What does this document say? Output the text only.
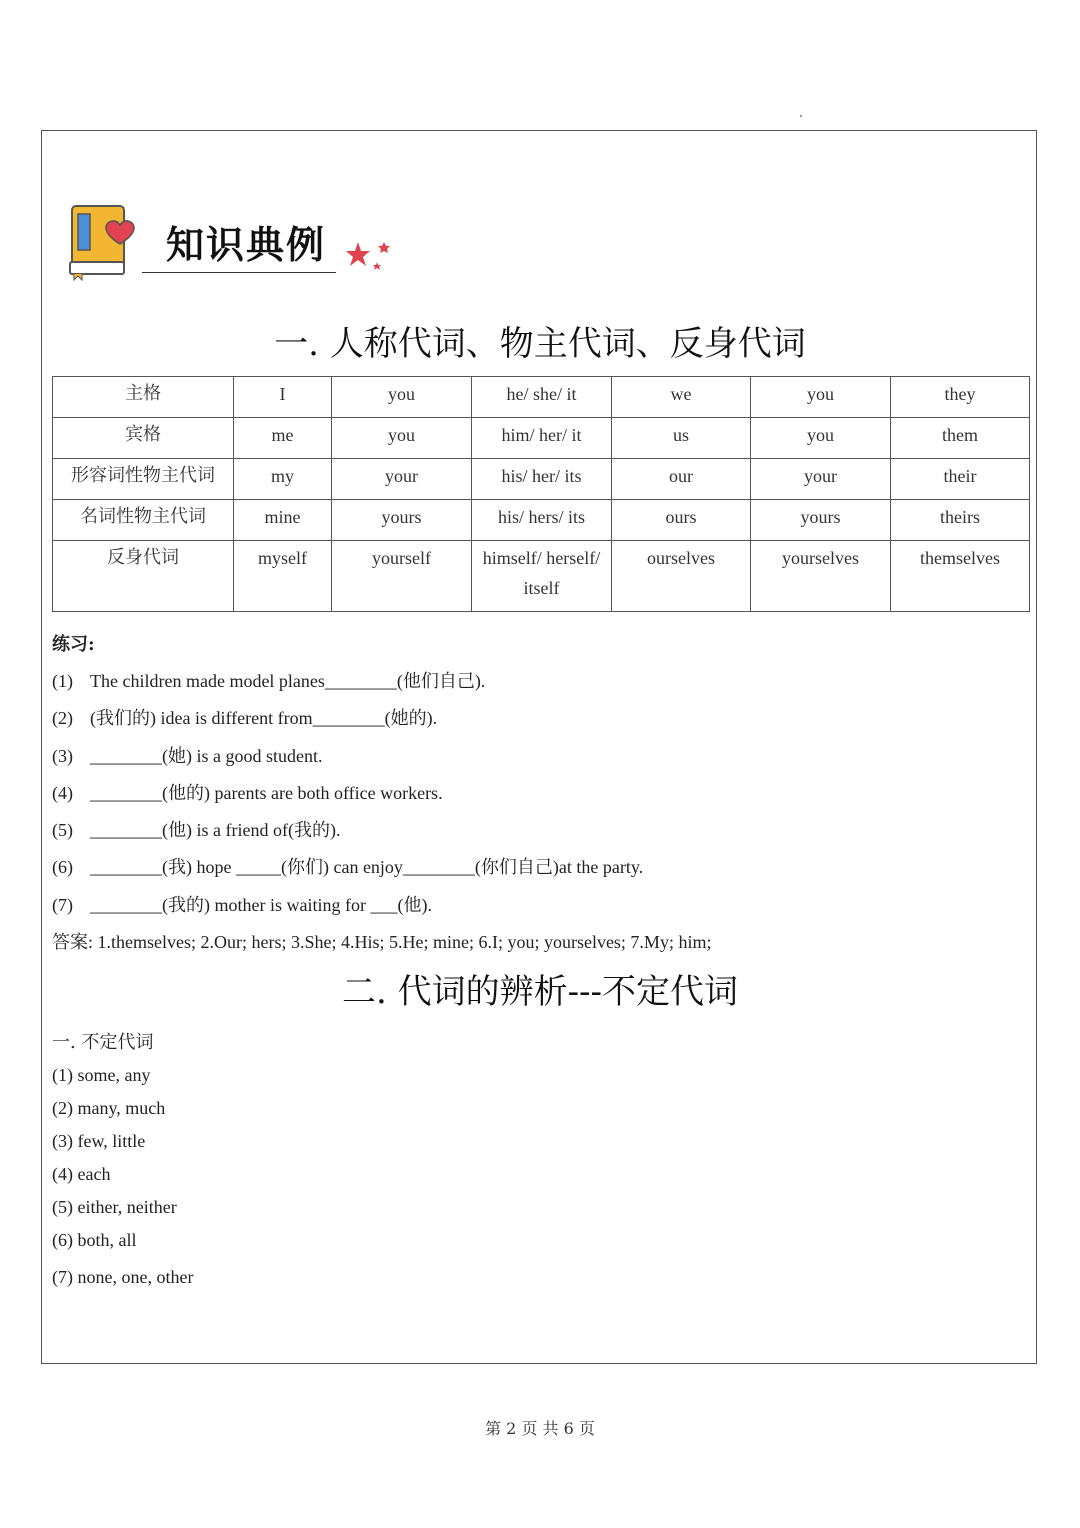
知识典例
一. 人称代词、物主代词、反身代词
主格	I	you	he/ she/ it	we	you	they
宾格	me	you	him/ her/ it	us	you	them
形容词性物主代词	my	your	his/ her/ its	our	your	their
名词性物主代词	mine	yours	his/ hers/ its	ours	yours	theirs
反身代词	myself	yourself	himself/ herself/ itself	ourselves	yourselves	themselves
练习:
(1) The children made model planes________(他们自己).
(2) (我们的) idea is different from________(她的).
(3) ________(她) is a good student.
(4) ________(他的) parents are both office workers.
(5) ________(他) is a friend of(我的).
(6) ________(我) hope _____(你们) can enjoy________(你们自己)at the party.
(7) ________(我的) mother is waiting for ___(他).
答案: 1.themselves; 2.Our; hers; 3.She; 4.His; 5.He; mine; 6.I; you; yourselves; 7.My; him;
二. 代词的辨析---不定代词
一. 不定代词
(1) some, any
(2) many, much
(3) few, little
(4) each
(5) either, neither
(6) both, all
(7) none, one, other
第 2 页 共 6 页
